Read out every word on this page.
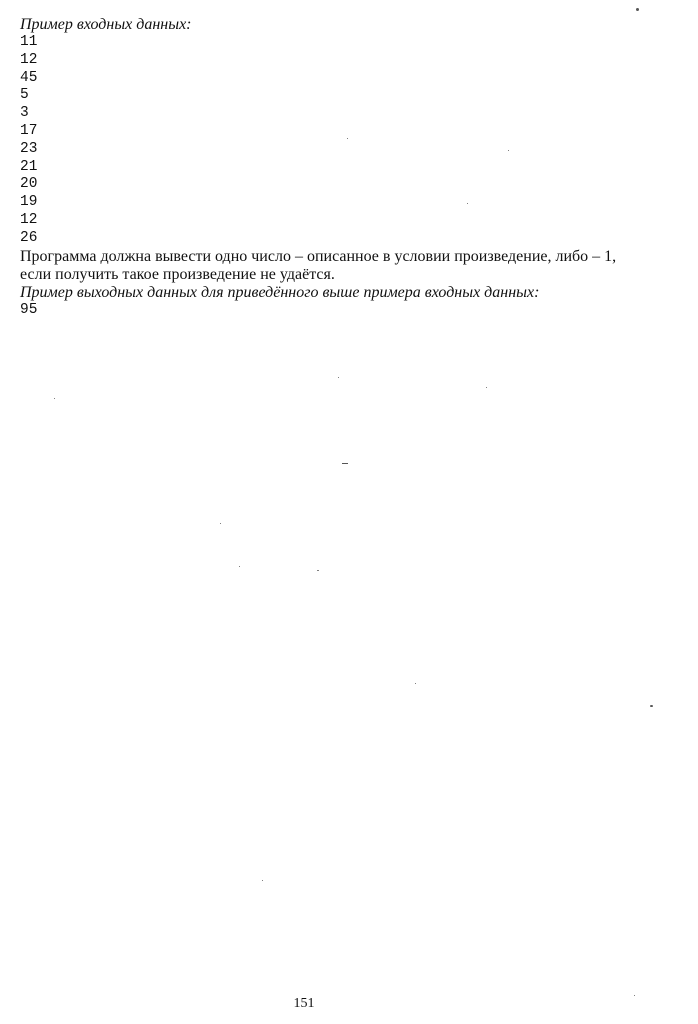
Пример входных данных:
11
12
45
5
3
17
23
21
20
19
12
26
Программа должна вывести одно число – описанное в условии произведение, либо – 1,
если получить такое произведение не удаётся.
Пример выходных данных для приведённого выше примера входных данных:
95
151
